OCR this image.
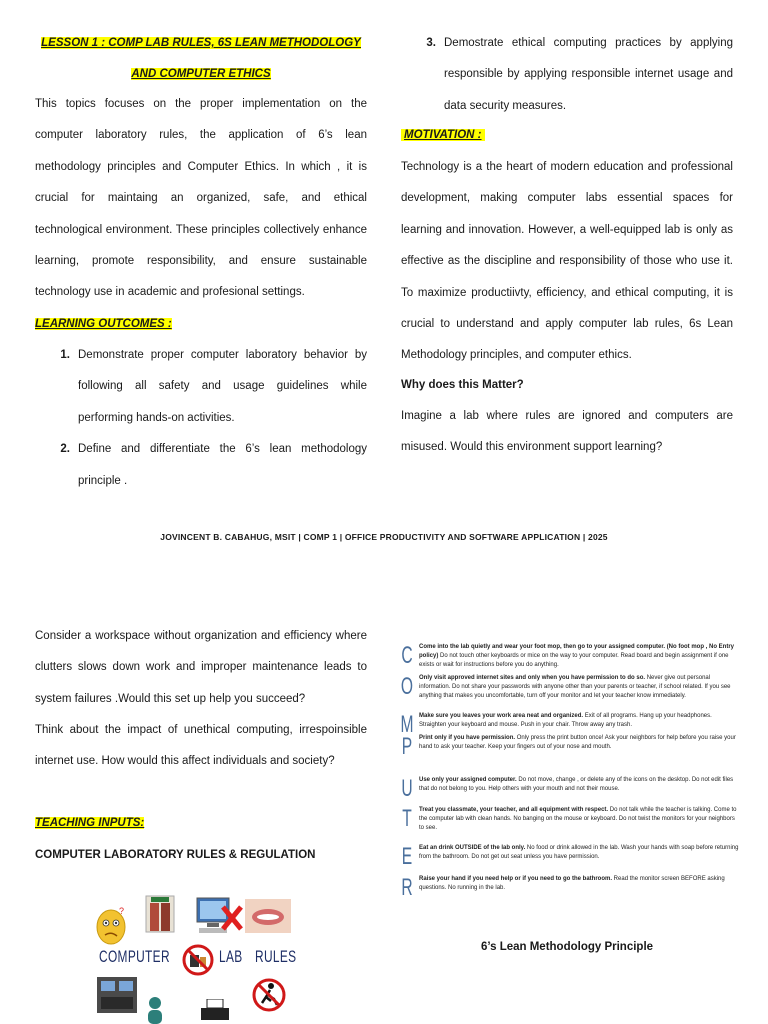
LESSON 1 : COMP LAB RULES, 6S LEAN METHODOLOGY
AND COMPUTER ETHICS
This topics focuses on the proper implementation on the computer laboratory rules, the application of 6’s lean methodology principles and Computer Ethics. In which , it is crucial for maintaing an organized, safe, and ethical technological environment. These principles collectively enhance learning, promote responsibility, and ensure sustainable technology use in academic and profesional settings.
LEARNING OUTCOMES :
1. Demonstrate proper computer laboratory behavior by following all safety and usage guidelines while performing hands-on activities.
2. Define and differentiate the 6’s lean methodology principle .
3. Demostrate ethical computing practices by applying responsible by applying responsible internet usage and data security measures.
MOTIVATION :
Technology is a the heart of modern education and professional development, making computer labs essential spaces for learning and innovation. However, a well-equipped lab is only as effective as the discipline and responsibility of those who use it. To maximize productiivty, efficiency, and ethical computing, it is crucial to understand and apply computer lab rules, 6s Lean Methodology principles, and computer ethics.
Why does this Matter?
Imagine a lab where rules are ignored and computers are misused. Would this environment support learning?
JOVINCENT B. CABAHUG, MSIT | COMP 1 | OFFICE PRODUCTIVITY AND SOFTWARE APPLICATION | 2025
Consider a workspace without organization and efficiency where clutters slows down work and improper maintenance leads to system failures .Would this set up help you succeed?
Think about the impact of unethical computing, irrespoinsible internet use. How would this affect individuals and society?
TEACHING INPUTS:
COMPUTER LABORATORY RULES & REGULATION
?
COMPUTER	LAB RULES
C	Come into the lab quietly and wear your foot mop, then go to your assigned computer. (No foot mop , No Entry policy) Do not touch other keyboards or mice on the way to your computer. Read board and begin assignment if one exists or wait for instructions before you do anything.
O Only visit approved internet sites and only when you have permission to do so. Never give out personal information. Do not share your passwords with anyone other than your parents or teacher, if school related. If you see anything that makes you uncomfortable, turn off your monitor and let your teacher know immediately.
M Make sure you leaves your work area neat and organized. Exit of all programs. Hang up your headphones. Straighten your keyboard and mouse. Push in your chair. Throw away any trash.
P	Print only if you have permission. Only press the print button once! Ask your neighbors for help before you raise your hand to ask your teacher. Keep your fingers out of your nose and mouth.
U	Use only your assigned computer. Do not move, change , or delete any of the icons on the desktop. Do not edit files that do not belong to you. Help others with your mouth and not their mouse.
T	Treat you classmate, your teacher, and all equipment with respect. Do not talk while the teacher is talking. Come to the computer lab with clean hands. No banging on the mouse or keyboard. Do not twist the monitors for your neighbors to see.
E	Eat an drink OUTSIDE of the lab only. No food or drink allowed in the lab. Wash your hands with soap before returning from the bathroom. Do not get out seat unless you have permission.
R	Raise your hand if you need help or if you need to go the bathroom. Read the monitor screen BEFORE asking questions. No running in the lab.
6’s Lean Methodology Principle
